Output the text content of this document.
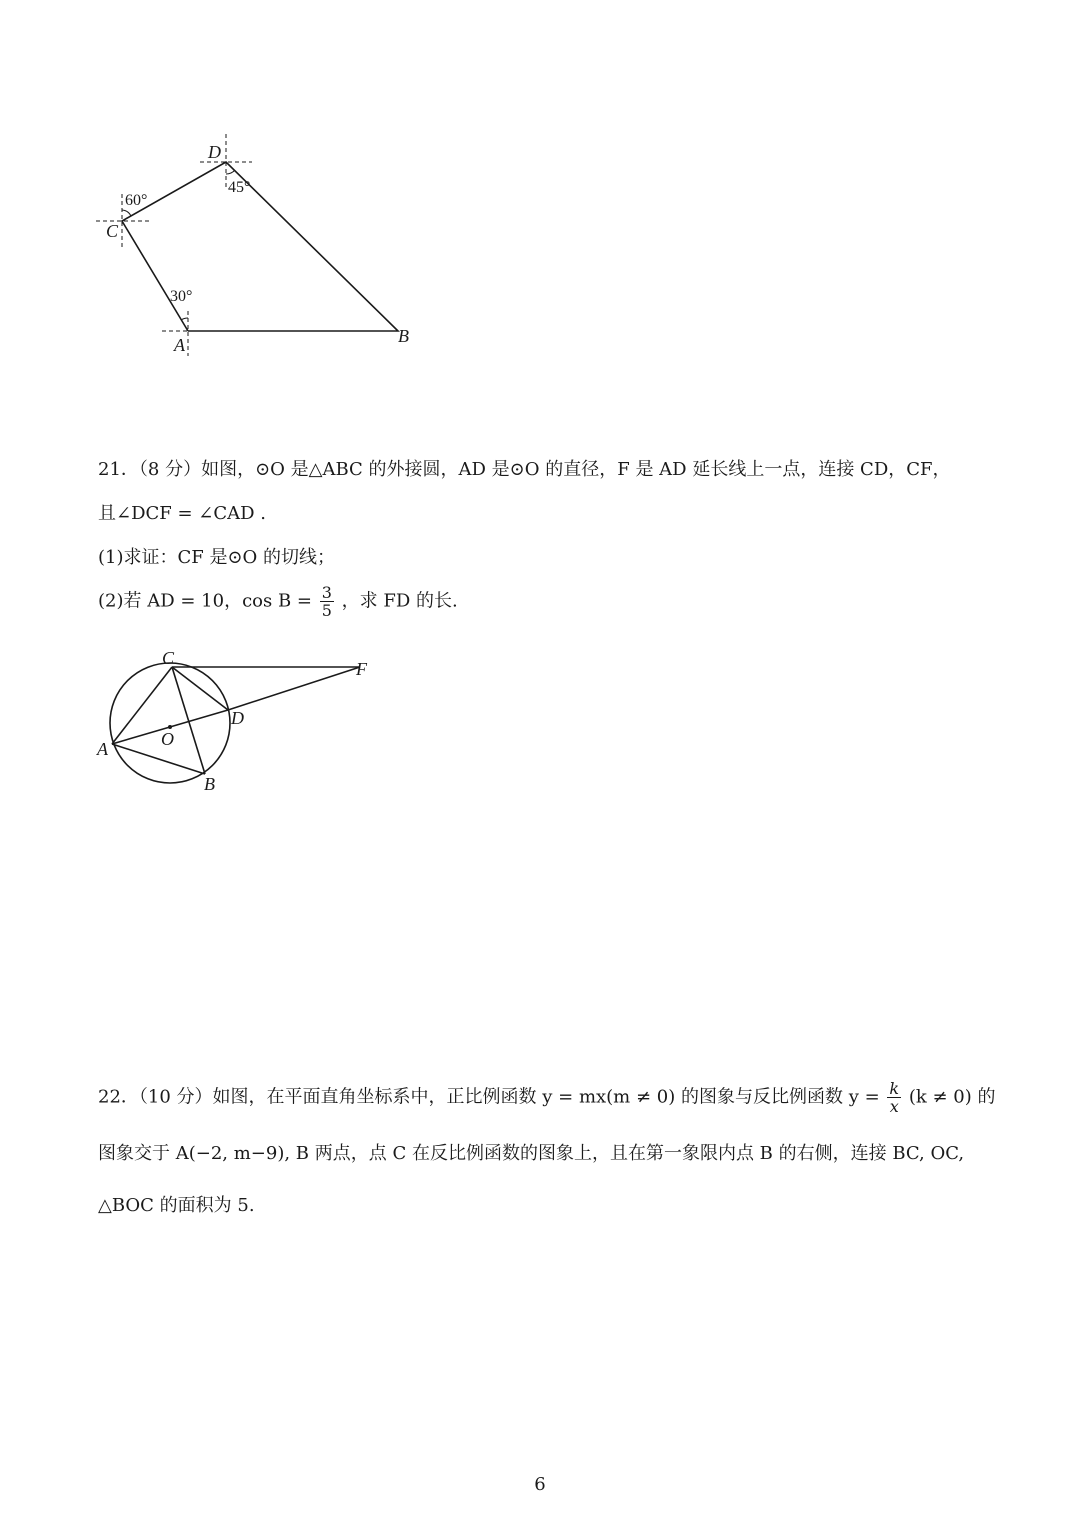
D
C
A	B
60°
45°
30°
21．（8 分）如图，⊙O 是△ABC 的外接圆，AD 是⊙O 的直径，F 是 AD 延长线上一点，连接 CD，CF，
且∠DCF = ∠CAD .
(1)求证：CF 是⊙O 的切线；
(2)若 AD = 10，$\cos B = \frac{3}{5}$ ，求 FD 的长.
C
F
D
O
A
B
22．（10 分）如图，在平面直角坐标系中，正比例函数 y = mx(m ≠ 0) 的图象与反比例函数 $y = \frac{k}{x} (k \ne 0)$ 的
图象交于 A(−2, m−9), B 两点，点 C 在反比例函数的图象上，且在第一象限内点 B 的右侧，连接 BC, OC,
△BOC 的面积为 5.
6
